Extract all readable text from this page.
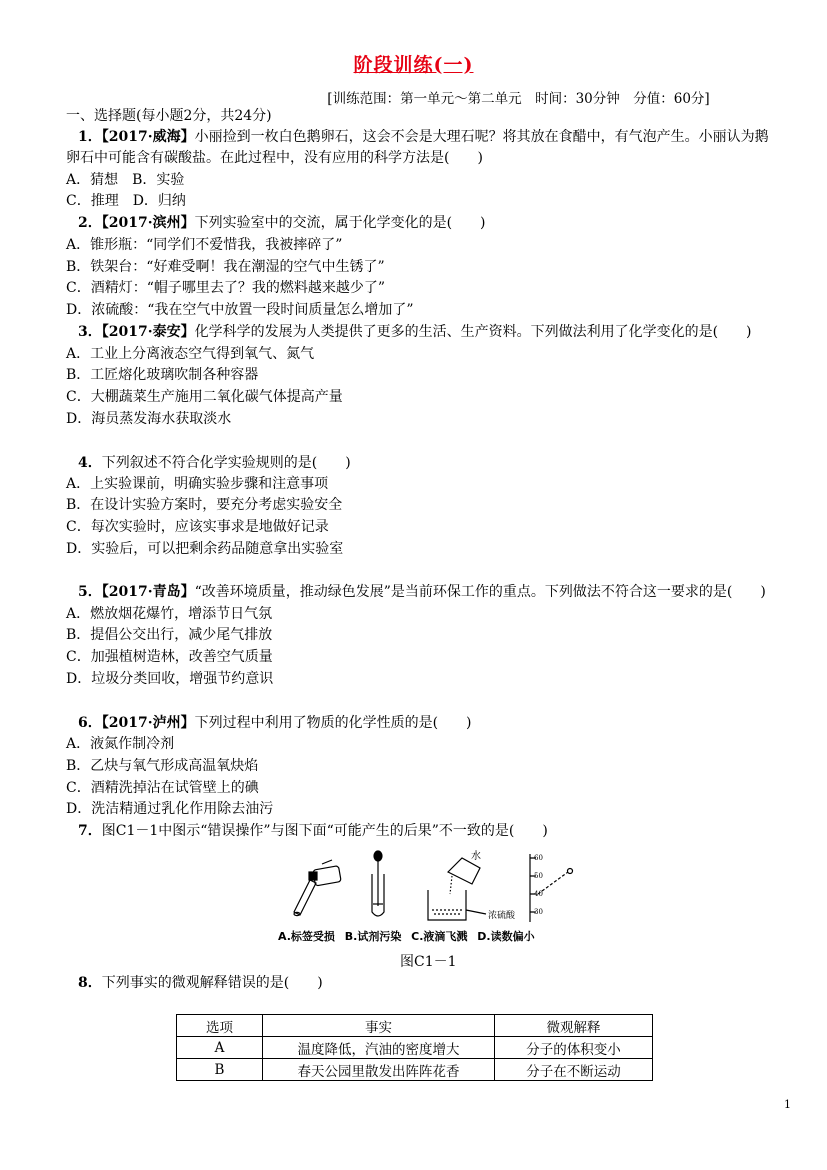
阶段训练(一)
[训练范围：第一单元～第二单元　时间：30分钟　分值：60分]
一、选择题(每小题2分，共24分)
1．【2017·威海】小丽捡到一枚白色鹅卵石，这会不会是大理石呢？将其放在食醋中，有气泡产生。小丽认为鹅
卵石中可能含有碳酸盐。在此过程中，没有应用的科学方法是(　　)
A．猜想　B．实验
C．推理　D．归纳
2．【2017·滨州】下列实验室中的交流，属于化学变化的是(　　)
A．锥形瓶：“同学们不爱惜我，我被摔碎了”
B．铁架台：“好难受啊！我在潮湿的空气中生锈了”
C．酒精灯：“帽子哪里去了？我的燃料越来越少了”
D．浓硫酸：“我在空气中放置一段时间质量怎么增加了”
3．【2017·泰安】化学科学的发展为人类提供了更多的生活、生产资料。下列做法利用了化学变化的是(　　)
A．工业上分离液态空气得到氧气、氮气
B．工匠熔化玻璃吹制各种容器
C．大棚蔬菜生产施用二氧化碳气体提高产量
D．海员蒸发海水获取淡水
4．下列叙述不符合化学实验规则的是(　　)
A．上实验课前，明确实验步骤和注意事项
B．在设计实验方案时，要充分考虑实验安全
C．每次实验时，应该实事求是地做好记录
D．实验后，可以把剩余药品随意拿出实验室
5．【2017·青岛】“改善环境质量，推动绿色发展”是当前环保工作的重点。下列做法不符合这一要求的是(　　)
A．燃放烟花爆竹，增添节日气氛
B．提倡公交出行，减少尾气排放
C．加强植树造林，改善空气质量
D．垃圾分类回收，增强节约意识
6．【2017·泸州】下列过程中利用了物质的化学性质的是(　　)
A．液氮作制冷剂
B．乙炔与氧气形成高温氧炔焰
C．酒精洗掉沾在试管壁上的碘
D．洗洁精通过乳化作用除去油污
7．图C1－1中图示“错误操作”与图下面“可能产生的后果”不一致的是(　　)
水
浓硫酸
60
50
40
30
A.标签受损 B.试剂污染 C.液滴飞溅 D.读数偏小
图C1－1
8．下列事实的微观解释错误的是(　　)
选项	事实	微观解释
A	温度降低，汽油的密度增大	分子的体积变小
B	春天公园里散发出阵阵花香	分子在不断运动
1
